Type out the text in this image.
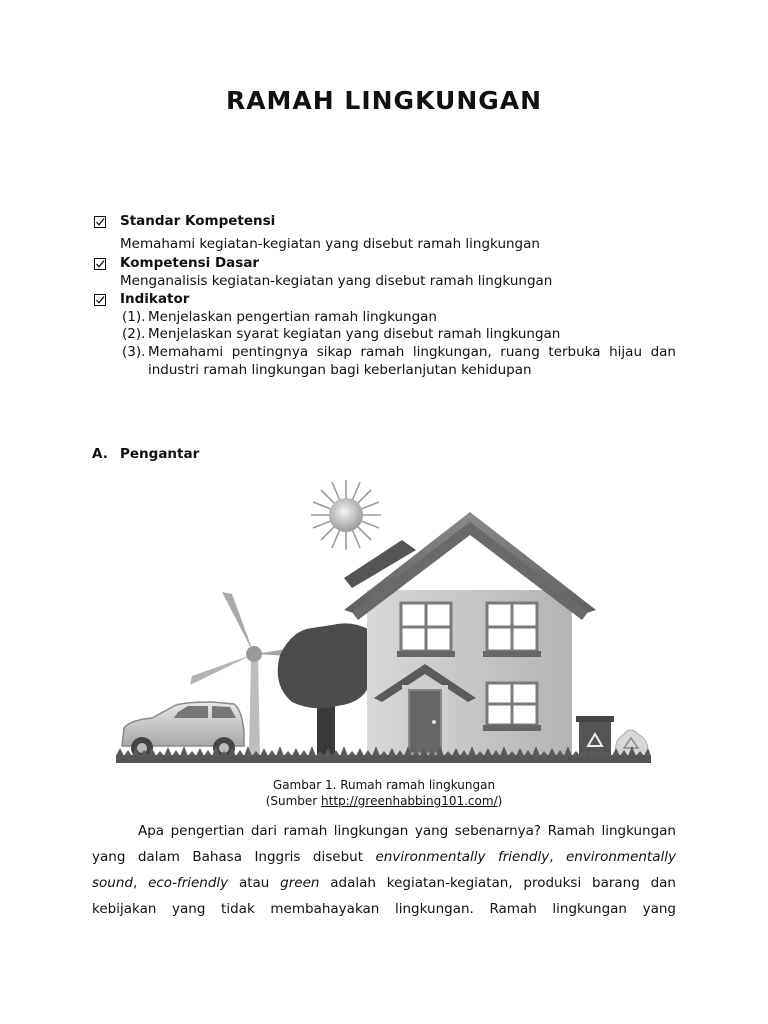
RAMAH LINGKUNGAN
Standar Kompetensi
Memahami kegiatan-kegiatan yang disebut ramah lingkungan
Kompetensi Dasar
Menganalisis kegiatan-kegiatan yang disebut ramah lingkungan
Indikator
(1). Menjelaskan pengertian ramah lingkungan
(2). Menjelaskan syarat kegiatan yang disebut ramah lingkungan
(3). Memahami pentingnya sikap ramah lingkungan, ruang terbuka hijau dan
industri ramah lingkungan bagi keberlanjutan kehidupan
A. Pengantar
Gambar 1. Rumah ramah lingkungan
(Sumber http://greenhabbing101.com/)
Apa pengertian dari ramah lingkungan yang sebenarnya? Ramah lingkungan
yang dalam Bahasa Inggris disebut environmentally friendly, environmentally
sound, eco-friendly atau green adalah kegiatan-kegiatan, produksi barang dan
kebijakan yang tidak membahayakan lingkungan. Ramah lingkungan yang
